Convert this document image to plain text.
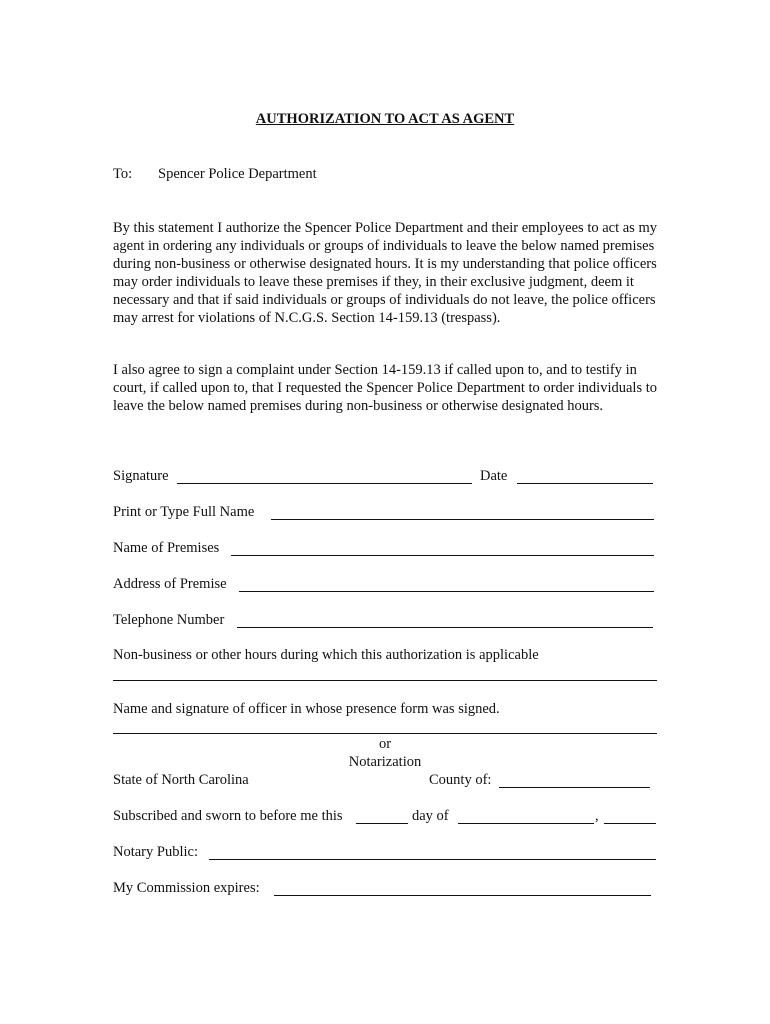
AUTHORIZATION TO ACT AS AGENT
To: Spencer Police Department
By this statement I authorize the Spencer Police Department and their employees to act as my agent in ordering any individuals or groups of individuals to leave the below named premises during non-business or otherwise designated hours. It is my understanding that police officers may order individuals to leave these premises if they, in their exclusive judgment, deem it necessary and that if said individuals or groups of individuals do not leave, the police officers may arrest for violations of N.C.G.S. Section 14-159.13 (trespass).
I also agree to sign a complaint under Section 14-159.13 if called upon to, and to testify in court, if called upon to, that I requested the Spencer Police Department to order individuals to leave the below named premises during non-business or otherwise designated hours.
Signature	Date
Print or Type Full Name
Name of Premises
Address of Premise
Telephone Number
Non-business or other hours during which this authorization is applicable
Name and signature of officer in whose presence form was signed.
or
Notarization
State of North Carolina	County of:
Subscribed and sworn to before me this	day of	,
Notary Public:
My Commission expires:
